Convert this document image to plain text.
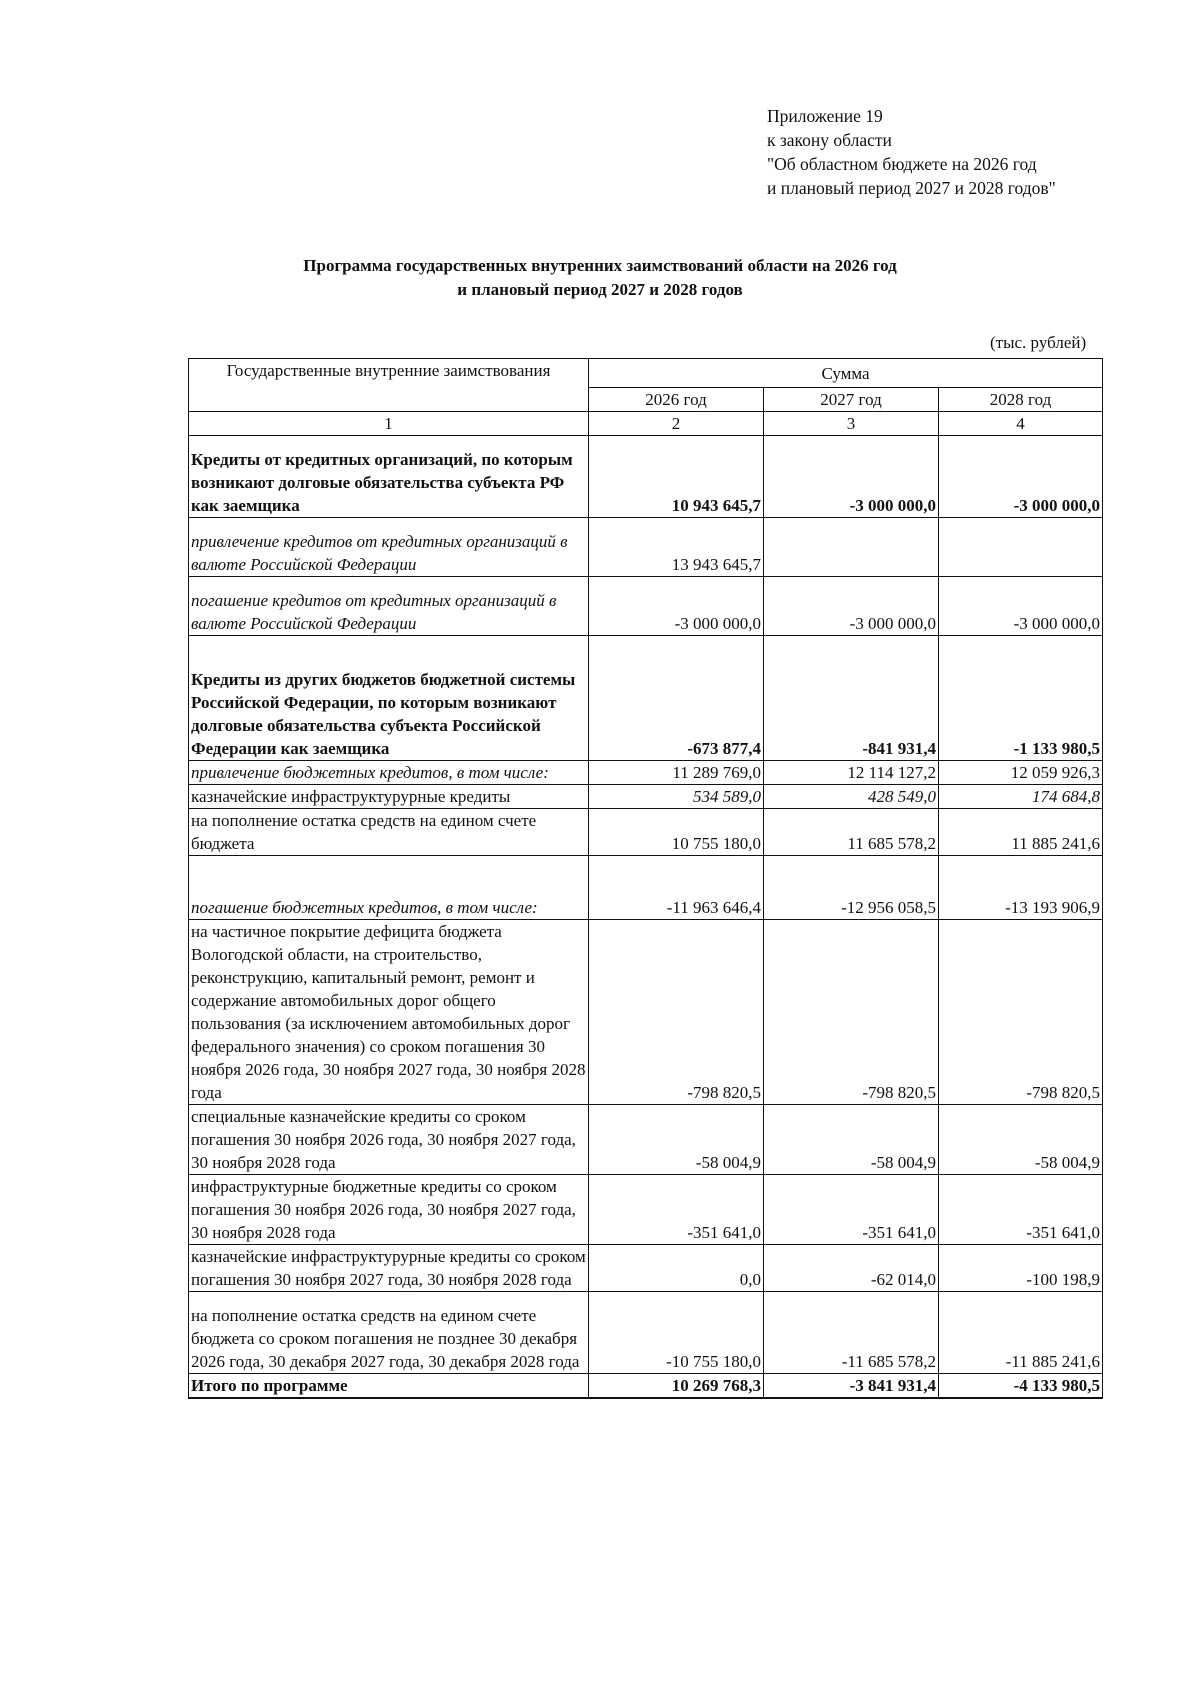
Приложение 19
к закону области
"Об областном бюджете на 2026 год
и плановый период 2027 и 2028 годов"
Программа государственных внутренних заимствований области на 2026 год
и плановый период 2027 и 2028 годов
(тыс. рублей)
Государственные внутренние заимствования	Сумма		
	2026 год	2027 год	2028 год
1	2	3	4
Кредиты от кредитных организаций, по которым возникают долговые обязательства субъекта РФ как заемщика	10 943 645,7	-3 000 000,0	-3 000 000,0
привлечение кредитов от кредитных организаций в валюте Российской Федерации	13 943 645,7		
погашение кредитов от кредитных организаций в валюте Российской Федерации	-3 000 000,0	-3 000 000,0	-3 000 000,0
Кредиты из других бюджетов бюджетной системы Российской Федерации, по которым возникают долговые обязательства субъекта Российской Федерации как заемщика	-673 877,4	-841 931,4	-1 133 980,5
привлечение бюджетных кредитов, в том числе:	11 289 769,0	12 114 127,2	12 059 926,3
казначейские инфраструктурурные кредиты	534 589,0	428 549,0	174 684,8
на пополнение остатка средств на едином счете бюджета	10 755 180,0	11 685 578,2	11 885 241,6
погашение бюджетных кредитов, в том числе:	-11 963 646,4	-12 956 058,5	-13 193 906,9
на частичное покрытие дефицита бюджета Вологодской области, на строительство, реконструкцию, капитальный ремонт, ремонт и содержание автомобильных дорог общего пользования (за исключением автомобильных дорог федерального значения) со сроком погашения 30 ноября 2026 года, 30 ноября 2027 года, 30 ноября 2028 года	-798 820,5	-798 820,5	-798 820,5
специальные казначейские кредиты со сроком погашения 30 ноября 2026 года, 30 ноября 2027 года, 30 ноября 2028 года	-58 004,9	-58 004,9	-58 004,9
инфраструктурные бюджетные кредиты со сроком погашения 30 ноября 2026 года, 30 ноября 2027 года, 30 ноября 2028 года	-351 641,0	-351 641,0	-351 641,0
казначейские инфраструктурурные кредиты со сроком погашения 30 ноября 2027 года, 30 ноября 2028 года	0,0	-62 014,0	-100 198,9
на пополнение остатка средств на едином счете бюджета со сроком погашения не позднее 30 декабря 2026 года, 30 декабря 2027 года, 30 декабря 2028 года	-10 755 180,0	-11 685 578,2	-11 885 241,6
Итого по программе	10 269 768,3	-3 841 931,4	-4 133 980,5
